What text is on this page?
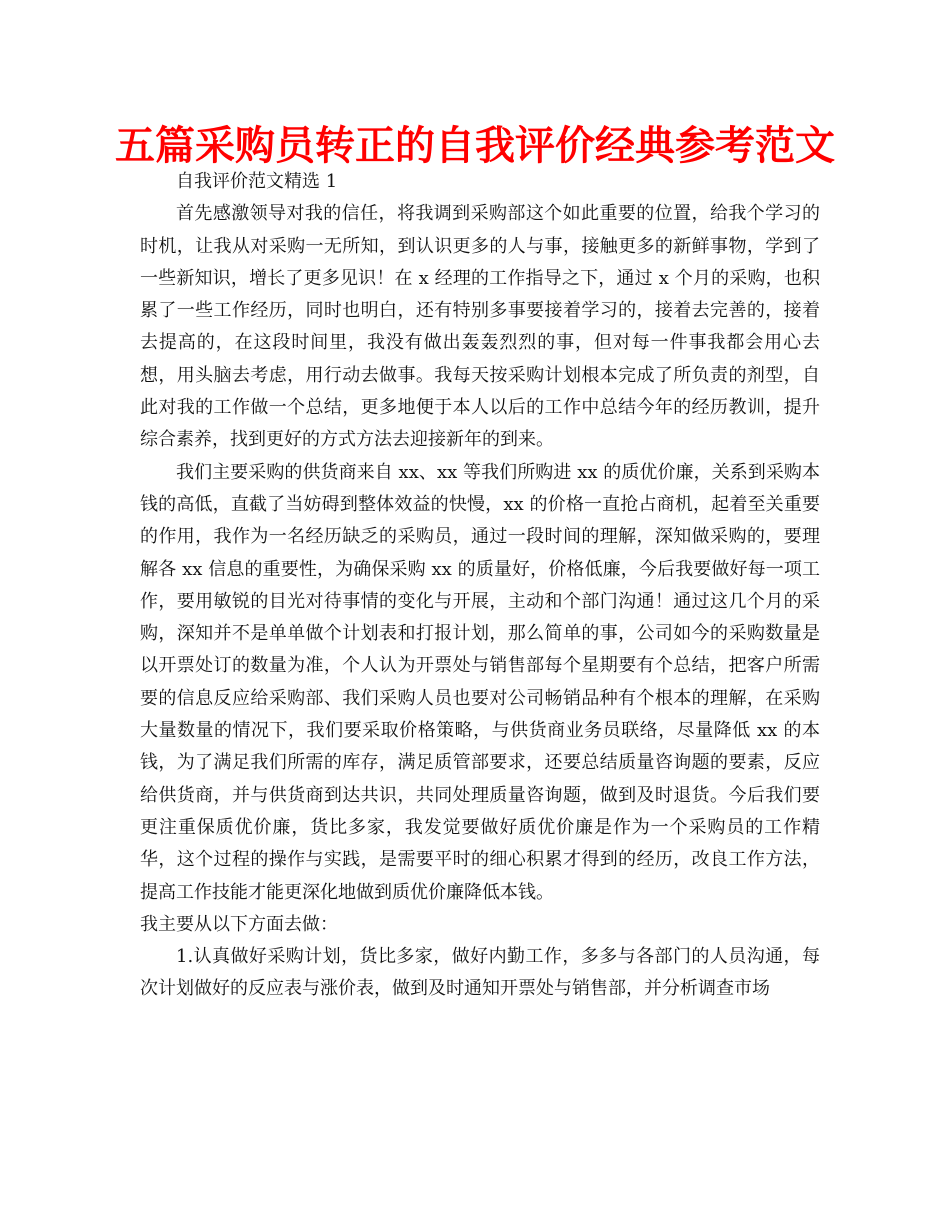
五篇采购员转正的自我评价经典参考范文

自我评价范文精选 1

首先感激领导对我的信任，将我调到采购部这个如此重要的位置，给我个学习的时机，让我从对采购一无所知，到认识更多的人与事，接触更多的新鲜事物，学到了一些新知识，增长了更多见识！在 x 经理的工作指导之下，通过 x 个月的采购，也积累了一些工作经历，同时也明白，还有特别多事要接着学习的，接着去完善的，接着去提高的，在这段时间里，我没有做出轰轰烈烈的事，但对每一件事我都会用心去想，用头脑去考虑，用行动去做事。我每天按采购计划根本完成了所负责的剂型，自此对我的工作做一个总结，更多地便于本人以后的工作中总结今年的经历教训，提升综合素养，找到更好的方式方法去迎接新年的到来。

我们主要采购的供货商来自 xx、xx 等我们所购进 xx 的质优价廉，关系到采购本钱的高低，直截了当妨碍到整体效益的快慢，xx 的价格一直抢占商机，起着至关重要的作用，我作为一名经历缺乏的采购员，通过一段时间的理解，深知做采购的，要理解各 xx 信息的重要性，为确保采购 xx 的质量好，价格低廉，今后我要做好每一项工作，要用敏锐的目光对待事情的变化与开展，主动和个部门沟通！通过这几个月的采购，深知并不是单单做个计划表和打报计划，那么简单的事，公司如今的采购数量是以开票处订的数量为准，个人认为开票处与销售部每个星期要有个总结，把客户所需要的信息反应给采购部、我们采购人员也要对公司畅销品种有个根本的理解，在采购大量数量的情况下，我们要采取价格策略，与供货商业务员联络，尽量降低 xx 的本钱，为了满足我们所需的库存，满足质管部要求，还要总结质量咨询题的要素，反应给供货商，并与供货商到达共识，共同处理质量咨询题，做到及时退货。今后我们要更注重保质优价廉，货比多家，我发觉要做好质优价廉是作为一个采购员的工作精华，这个过程的操作与实践，是需要平时的细心积累才得到的经历，改良工作方法，提高工作技能才能更深化地做到质优价廉降低本钱。

我主要从以下方面去做：

1.认真做好采购计划，货比多家，做好内勤工作，多多与各部门的人员沟通，每次计划做好的反应表与涨价表，做到及时通知开票处与销售部，并分析调查市场
